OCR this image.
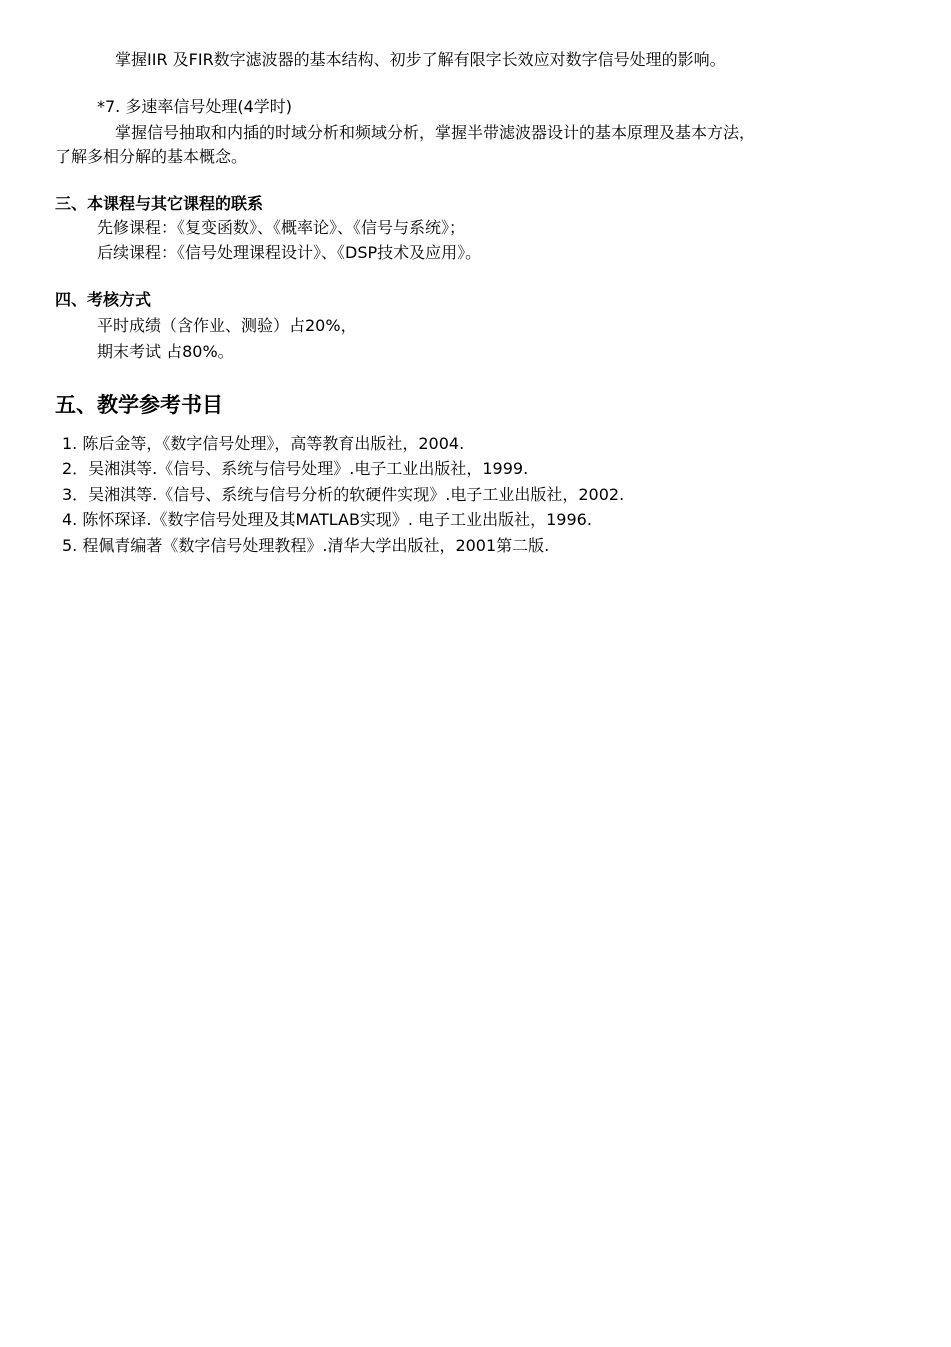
掌握IIR 及FIR数字滤波器的基本结构、初步了解有限字长效应对数字信号处理的影响。
*7. 多速率信号处理(4学时)
掌握信号抽取和内插的时域分析和频域分析，掌握半带滤波器设计的基本原理及基本方法，
了解多相分解的基本概念。
三、本课程与其它课程的联系
先修课程：《复变函数》、《概率论》、《信号与系统》；
后续课程：《信号处理课程设计》、《DSP技术及应用》。
四、考核方式
平时成绩（含作业、测验）占20%，
期末考试 占80%。
五、教学参考书目
1. 陈后金等，《数字信号处理》，高等教育出版社，2004.
2．吴湘淇等.《信号、系统与信号处理》.电子工业出版社，1999.
3．吴湘淇等.《信号、系统与信号分析的软硬件实现》.电子工业出版社，2002.
4. 陈怀琛译.《数字信号处理及其MATLAB实现》. 电子工业出版社，1996.
5. 程佩青编著《数字信号处理教程》.清华大学出版社，2001第二版.
